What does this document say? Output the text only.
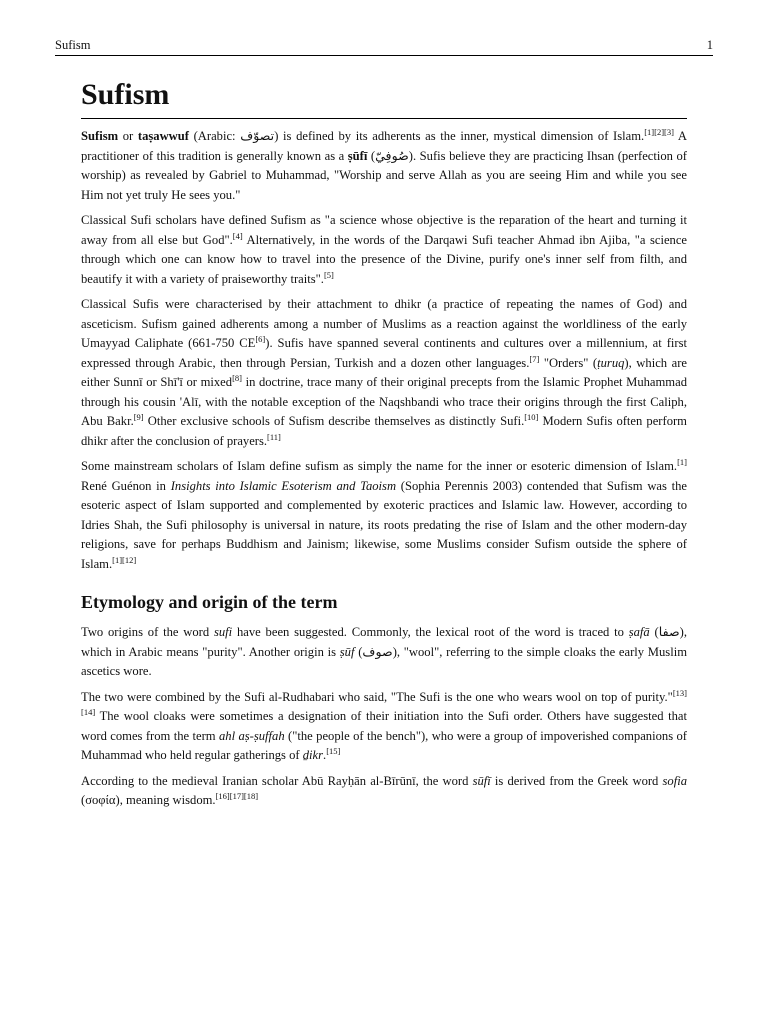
Sufism	1
Sufism

Sufism or taṣawwuf (Arabic: تصوّف) is defined by its adherents as the inner, mystical dimension of Islam.[1][2][3] A practitioner of this tradition is generally known as a ṣūfī (صُوفِيّ). Sufis believe they are practicing Ihsan (perfection of worship) as revealed by Gabriel to Muhammad, "Worship and serve Allah as you are seeing Him and while you see Him not yet truly He sees you."

Classical Sufi scholars have defined Sufism as "a science whose objective is the reparation of the heart and turning it away from all else but God".[4] Alternatively, in the words of the Darqawi Sufi teacher Ahmad ibn Ajiba, "a science through which one can know how to travel into the presence of the Divine, purify one's inner self from filth, and beautify it with a variety of praiseworthy traits".[5]

Classical Sufis were characterised by their attachment to dhikr (a practice of repeating the names of God) and asceticism. Sufism gained adherents among a number of Muslims as a reaction against the worldliness of the early Umayyad Caliphate (661-750 CE[6]). Sufis have spanned several continents and cultures over a millennium, at first expressed through Arabic, then through Persian, Turkish and a dozen other languages.[7] "Orders" (ṭuruq), which are either Sunnī or Shī'ī or mixed[8] in doctrine, trace many of their original precepts from the Islamic Prophet Muhammad through his cousin 'Alī, with the notable exception of the Naqshbandi who trace their origins through the first Caliph, Abu Bakr.[9] Other exclusive schools of Sufism describe themselves as distinctly Sufi.[10] Modern Sufis often perform dhikr after the conclusion of prayers.[11]

Some mainstream scholars of Islam define sufism as simply the name for the inner or esoteric dimension of Islam.[1] René Guénon in Insights into Islamic Esoterism and Taoism (Sophia Perennis 2003) contended that Sufism was the esoteric aspect of Islam supported and complemented by exoteric practices and Islamic law. However, according to Idries Shah, the Sufi philosophy is universal in nature, its roots predating the rise of Islam and the other modern-day religions, save for perhaps Buddhism and Jainism; likewise, some Muslims consider Sufism outside the sphere of Islam.[1][12]

Etymology and origin of the term

Two origins of the word sufi have been suggested. Commonly, the lexical root of the word is traced to ṣafā (صفا), which in Arabic means "purity". Another origin is ṣūf (صوف), "wool", referring to the simple cloaks the early Muslim ascetics wore.

The two were combined by the Sufi al-Rudhabari who said, "The Sufi is the one who wears wool on top of purity."[13][14] The wool cloaks were sometimes a designation of their initiation into the Sufi order. Others have suggested that word comes from the term ahl aṣ-ṣuffah ("the people of the bench"), who were a group of impoverished companions of Muhammad who held regular gatherings of ḏikr.[15]

According to the medieval Iranian scholar Abū Rayḥān al-Bīrūnī, the word sūfī is derived from the Greek word sofia (σοφία), meaning wisdom.[16][17][18]
